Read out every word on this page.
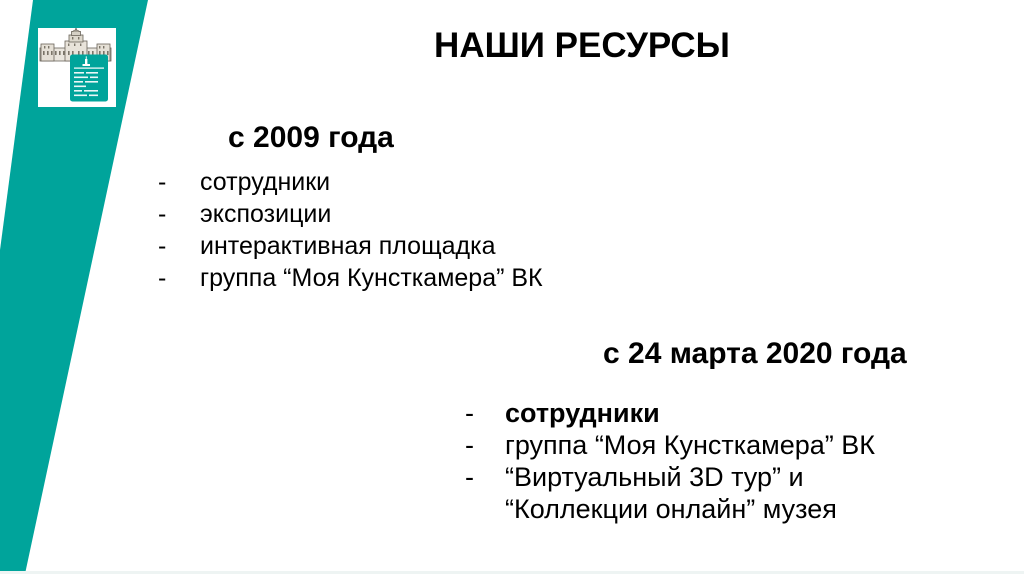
НАШИ РЕСУРСЫ
с 2009 года
-	сотрудники
-	экспозиции
-	интерактивная площадка
-	группа “Моя Кунсткамера” ВК
с 24 марта 2020 года
-	сотрудники
-	группа “Моя Кунсткамера” ВК
-	“Виртуальный 3D тур” и
“Коллекции онлайн” музея
